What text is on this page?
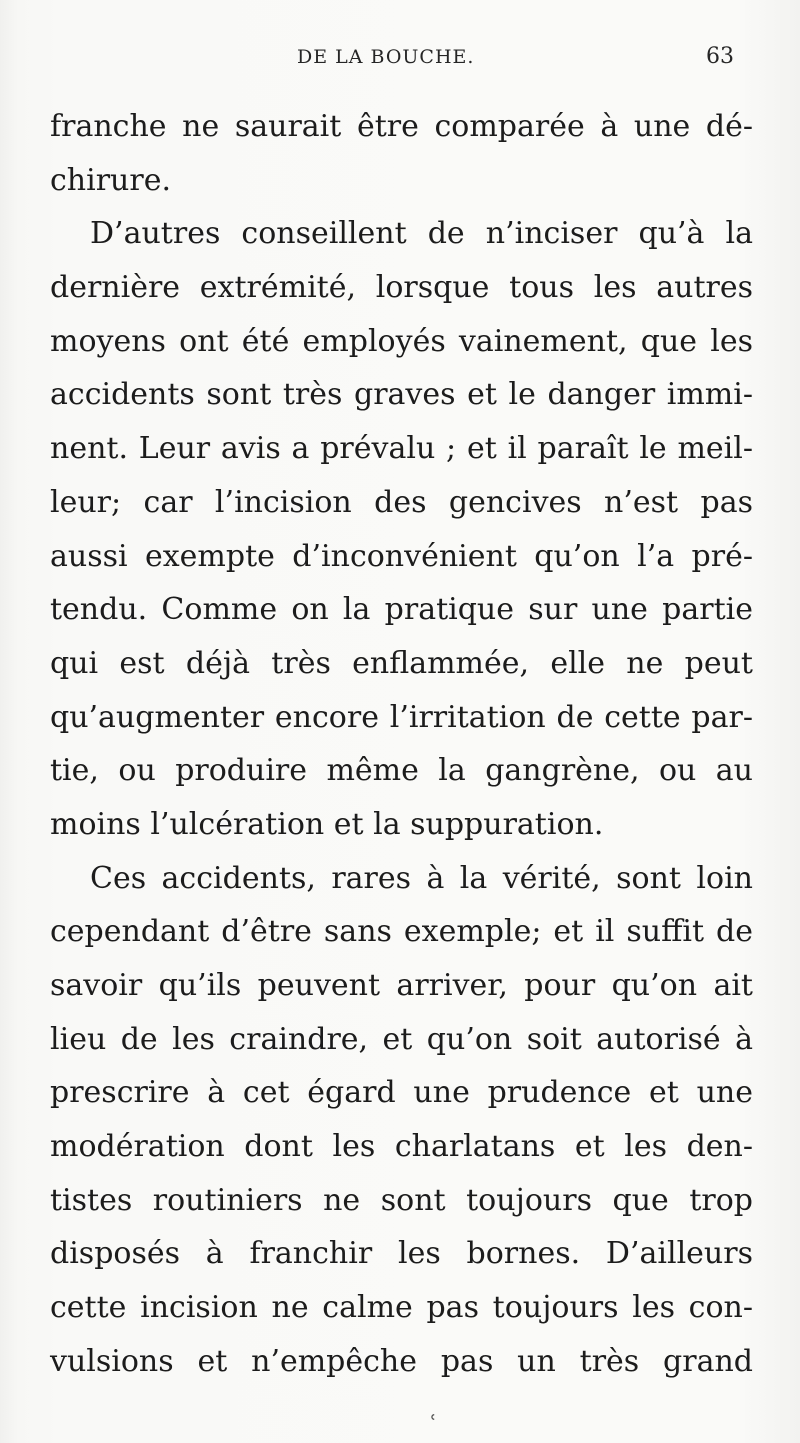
DE LA BOUCHE.	63
franche ne saurait être comparée à une dé-
chirure.
D’autres conseillent de n’inciser qu’à la
dernière extrémité, lorsque tous les autres
moyens ont été employés vainement, que les
accidents sont très graves et le danger immi-
nent. Leur avis a prévalu ; et il paraît le meil-
leur; car l’incision des gencives n’est pas
aussi exempte d’inconvénient qu’on l’a pré-
tendu. Comme on la pratique sur une partie
qui est déjà très enflammée, elle ne peut
qu’augmenter encore l’irritation de cette par-
tie, ou produire même la gangrène, ou au
moins l’ulcération et la suppuration.
Ces accidents, rares à la vérité, sont loin
cependant d’être sans exemple; et il suffit de
savoir qu’ils peuvent arriver, pour qu’on ait
lieu de les craindre, et qu’on soit autorisé à
prescrire à cet égard une prudence et une
modération dont les charlatans et les den-
tistes routiniers ne sont toujours que trop
disposés à franchir les bornes. D’ailleurs
cette incision ne calme pas toujours les con-
vulsions et n’empêche pas un très grand
ʿ
